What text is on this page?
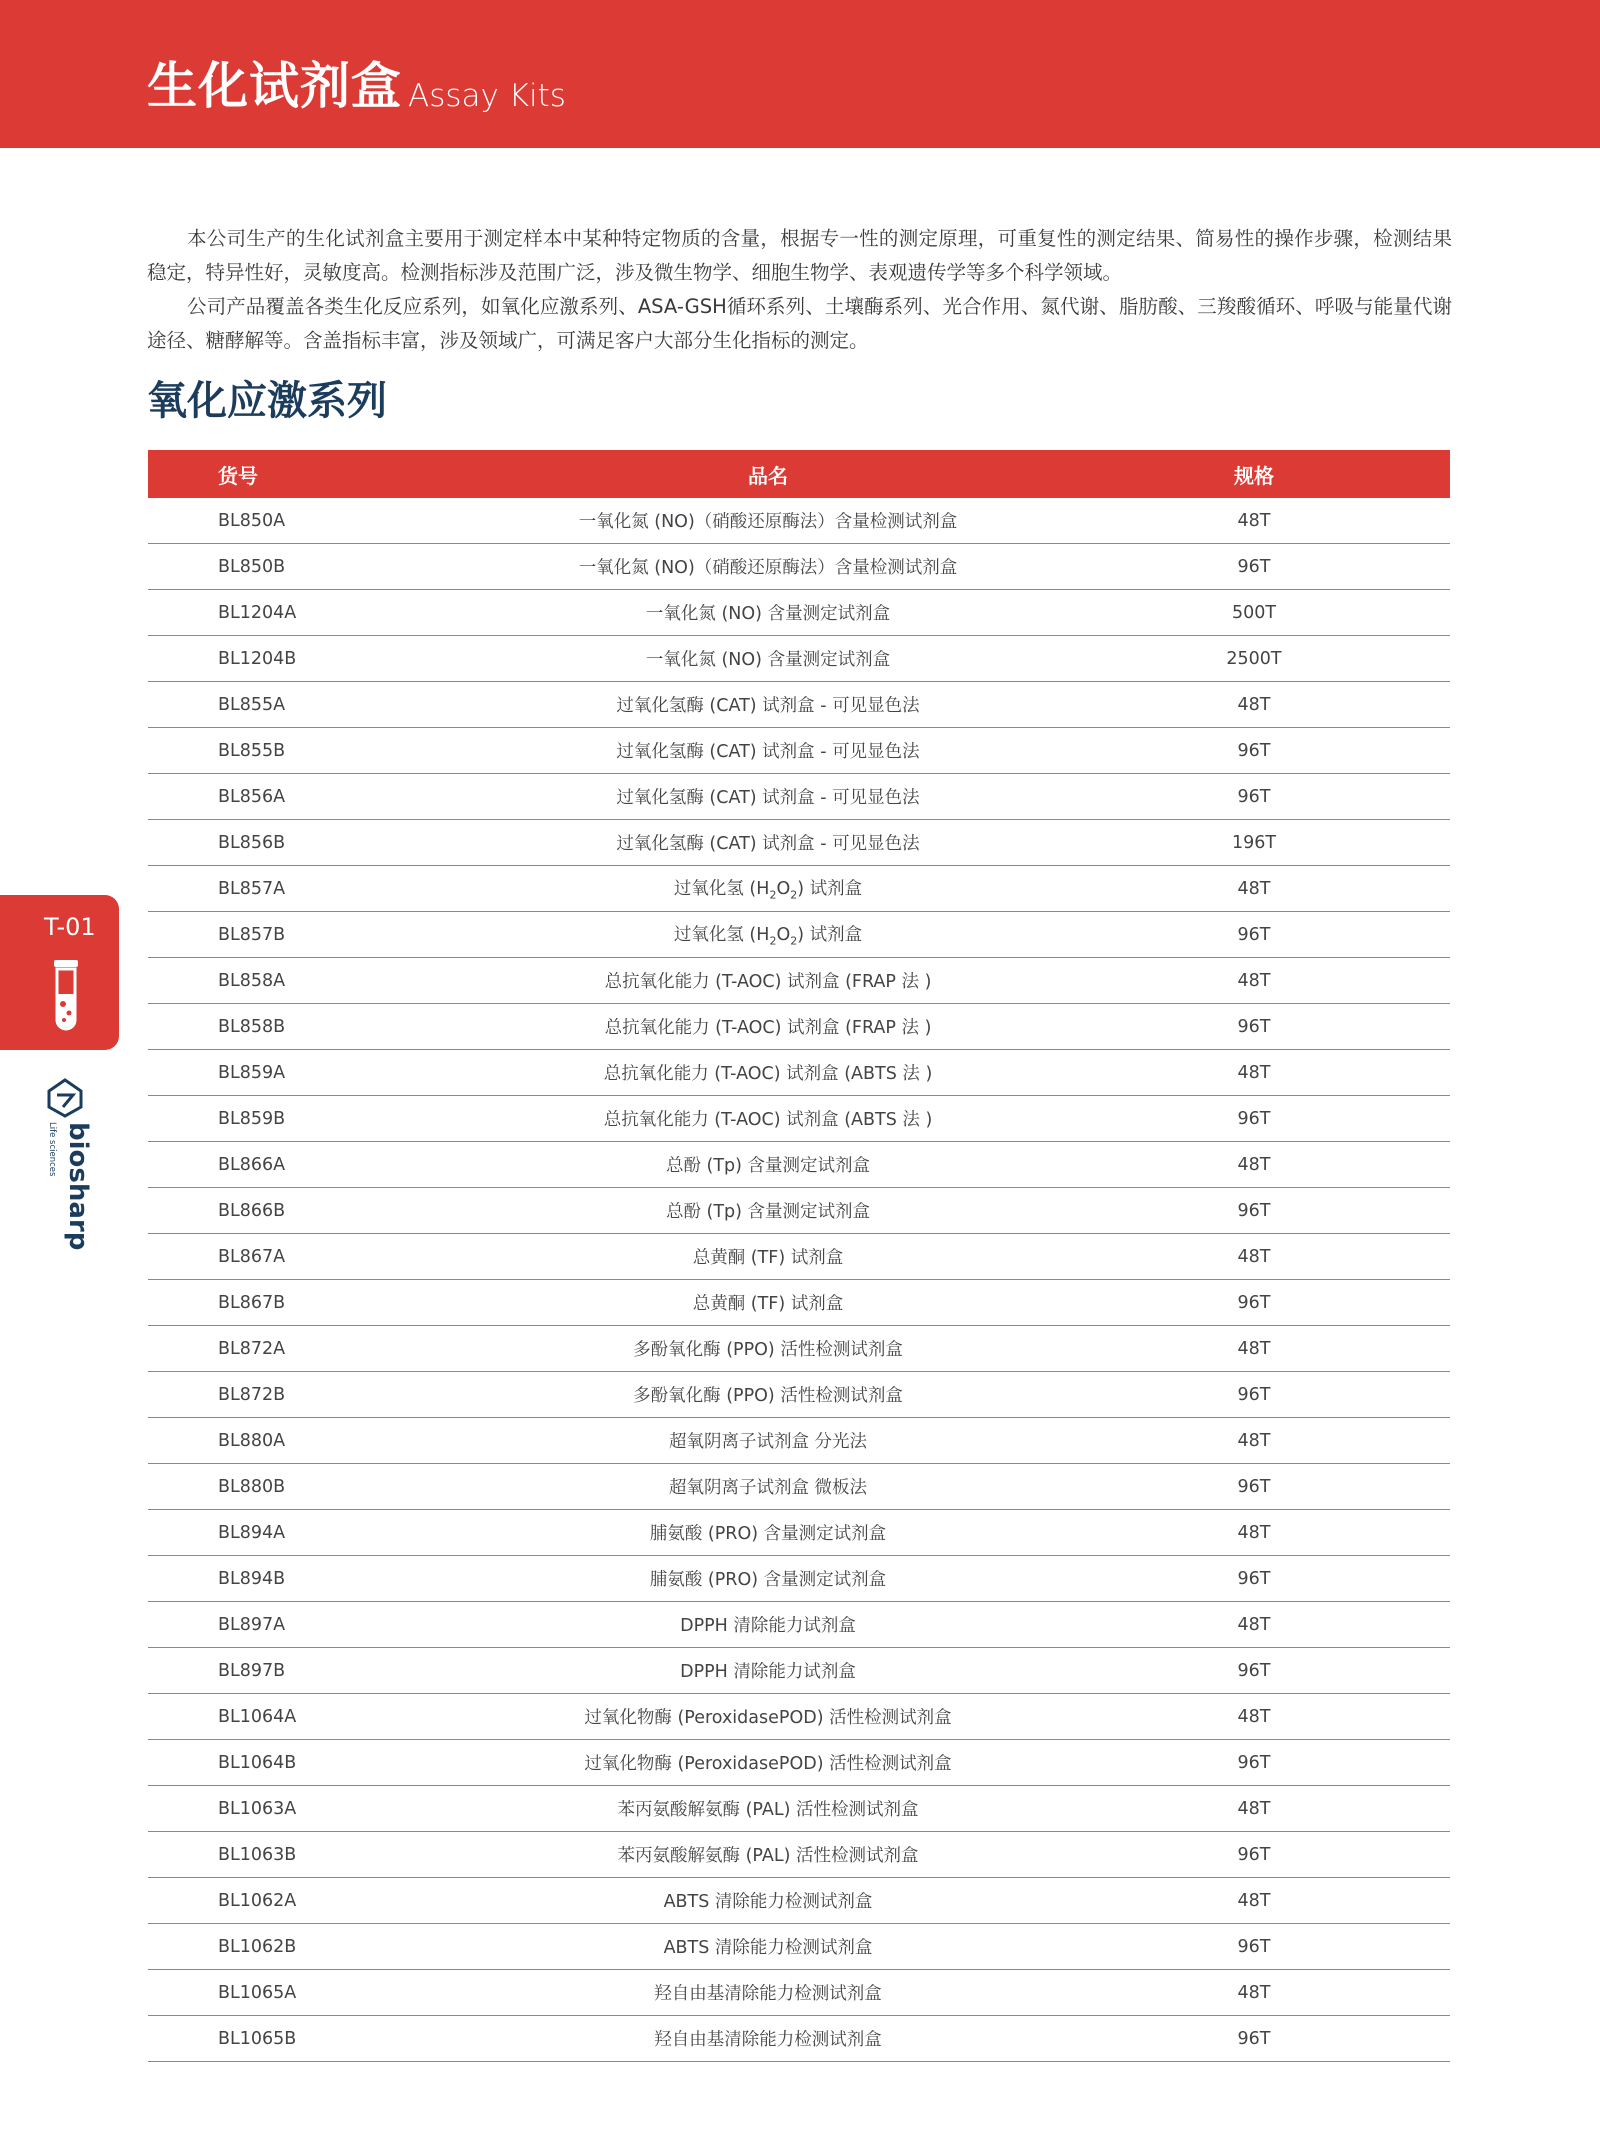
生化试剂盒 Assay Kits

本公司生产的生化试剂盒主要用于测定样本中某种特定物质的含量，根据专一性的测定原理，可重复性的测定结果、简易性的操作步骤，检测结果稳定，特异性好，灵敏度高。检测指标涉及范围广泛，涉及微生物学、细胞生物学、表观遗传学等多个科学领域。

公司产品覆盖各类生化反应系列，如氧化应激系列、ASA-GSH循环系列、土壤酶系列、光合作用、氮代谢、脂肪酸、三羧酸循环、呼吸与能量代谢途径、糖酵解等。含盖指标丰富，涉及领域广，可满足客户大部分生化指标的测定。

氧化应激系列
货号	品名	规格
BL850A	一氧化氮 (NO)（硝酸还原酶法）含量检测试剂盒	48T
BL850B	一氧化氮 (NO)（硝酸还原酶法）含量检测试剂盒	96T
BL1204A	一氧化氮 (NO) 含量测定试剂盒	500T
BL1204B	一氧化氮 (NO) 含量测定试剂盒	2500T
BL855A	过氧化氢酶 (CAT) 试剂盒 - 可见显色法	48T
BL855B	过氧化氢酶 (CAT) 试剂盒 - 可见显色法	96T
BL856A	过氧化氢酶 (CAT) 试剂盒 - 可见显色法	96T
BL856B	过氧化氢酶 (CAT) 试剂盒 - 可见显色法	196T
BL857A	过氧化氢 $(H_2O_2)$ 试剂盒	48T
BL857B	过氧化氢 $(H_2O_2)$ 试剂盒	96T
BL858A	总抗氧化能力 (T-AOC) 试剂盒 (FRAP 法 )	48T
BL858B	总抗氧化能力 (T-AOC) 试剂盒 (FRAP 法 )	96T
BL859A	总抗氧化能力 (T-AOC) 试剂盒 (ABTS 法 )	48T
BL859B	总抗氧化能力 (T-AOC) 试剂盒 (ABTS 法 )	96T
BL866A	总酚 (Tp) 含量测定试剂盒	48T
BL866B	总酚 (Tp) 含量测定试剂盒	96T
BL867A	总黄酮 (TF) 试剂盒	48T
BL867B	总黄酮 (TF) 试剂盒	96T
BL872A	多酚氧化酶 (PPO) 活性检测试剂盒	48T
BL872B	多酚氧化酶 (PPO) 活性检测试剂盒	96T
BL880A	超氧阴离子试剂盒 分光法	48T
BL880B	超氧阴离子试剂盒 微板法	96T
BL894A	脯氨酸 (PRO) 含量测定试剂盒	48T
BL894B	脯氨酸 (PRO) 含量测定试剂盒	96T
BL897A	DPPH 清除能力试剂盒	48T
BL897B	DPPH 清除能力试剂盒	96T
BL1064A	过氧化物酶 (PeroxidasePOD) 活性检测试剂盒	48T
BL1064B	过氧化物酶 (PeroxidasePOD) 活性检测试剂盒	96T
BL1063A	苯丙氨酸解氨酶 (PAL) 活性检测试剂盒	48T
BL1063B	苯丙氨酸解氨酶 (PAL) 活性检测试剂盒	96T
BL1062A	ABTS 清除能力检测试剂盒	48T
BL1062B	ABTS 清除能力检测试剂盒	96T
BL1065A	羟自由基清除能力检测试剂盒	48T
BL1065B	羟自由基清除能力检测试剂盒	96T
T-01
biosharp
Life sciences
